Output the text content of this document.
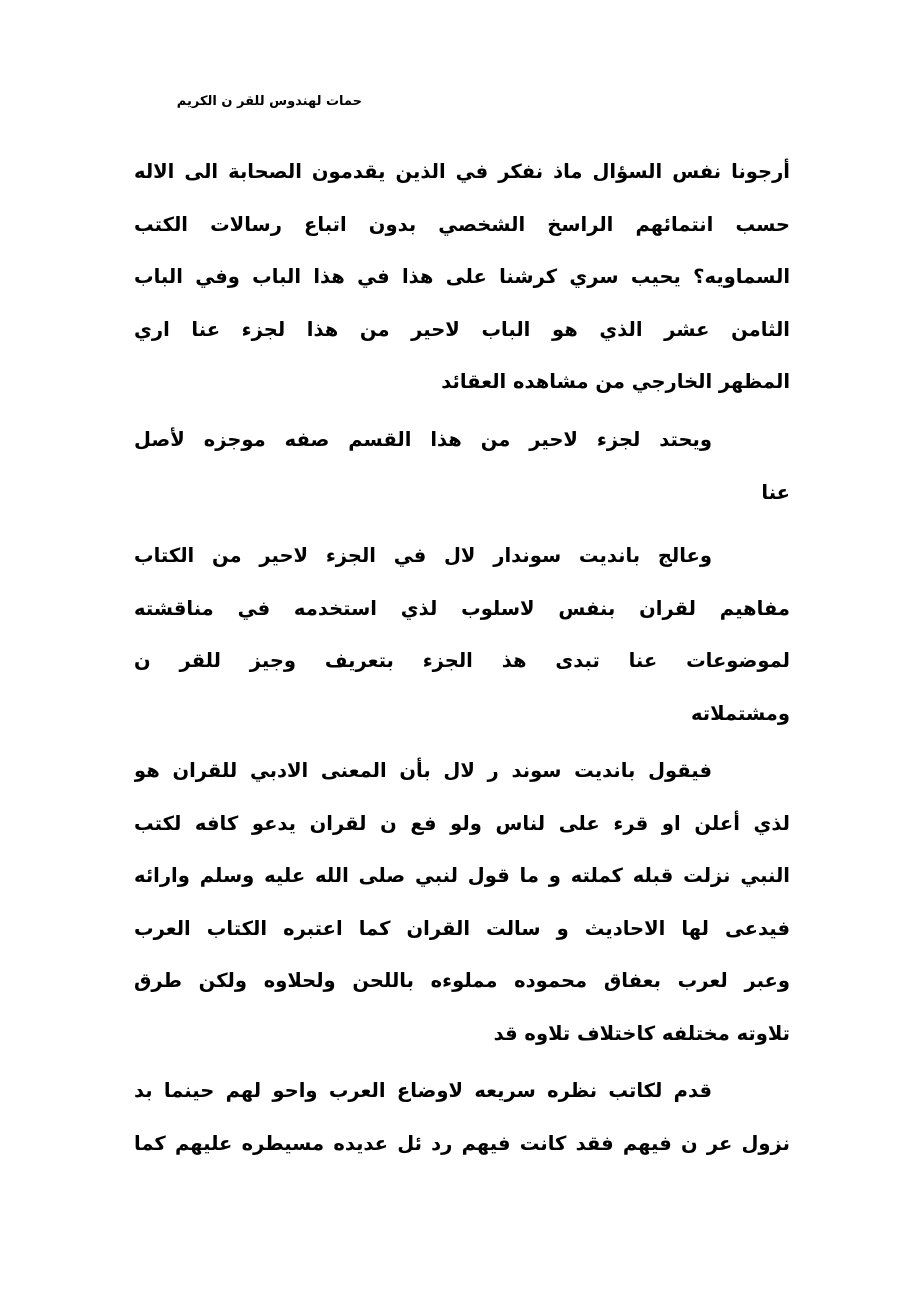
حمات لهندوس للقر ن الكريم
أرجونا نفس السؤال ماذ نفكر في الذين يقدمون الصحابة الى الاله
حسب انتمائهم الراسخ الشخصي بدون اتباع رسالات الكتب
السماويه؟ يحيب سري كرشنا على هذا في هذا الباب وفي الباب
الثامن عشر الذي هو الباب لاحير من هذا لجزء عنا اري
المظهر الخارجي من مشاهده العقائد
ويحتد لجزء لاحير من هذا القسم صفه موجزه لأصل
عنا
وعالج بانديت سوندار لال في الجزء لاحير من الكتاب
مفاهيم لقران بنفس لاسلوب لذي استخدمه في مناقشته
لموضوعات عنا تبدى هذ الجزء بتعريف وجيز للقر ن
ومشتملاته
فيقول بانديت سوند ر لال بأن المعنى الادبي للقران هو
لذي أعلن او قرء على لناس ولو فع ن لقران يدعو كافه لكتب
النبي نزلت قبله كملته و ما قول لنبي صلى الله عليه وسلم وارائه
فيدعى لها الاحاديث و سالت القران كما اعتبره الكتاب العرب
وعبر لعرب بعفاق محموده مملوءه باللحن ولحلاوه ولكن طرق
تلاوته مختلفه كاختلاف تلاوه قد
قدم لكاتب نظره سريعه لاوضاع العرب واحو لهم حينما بد
نزول عر ن فيهم فقد كانت فيهم رد ئل عديده مسيطره عليهم كما
